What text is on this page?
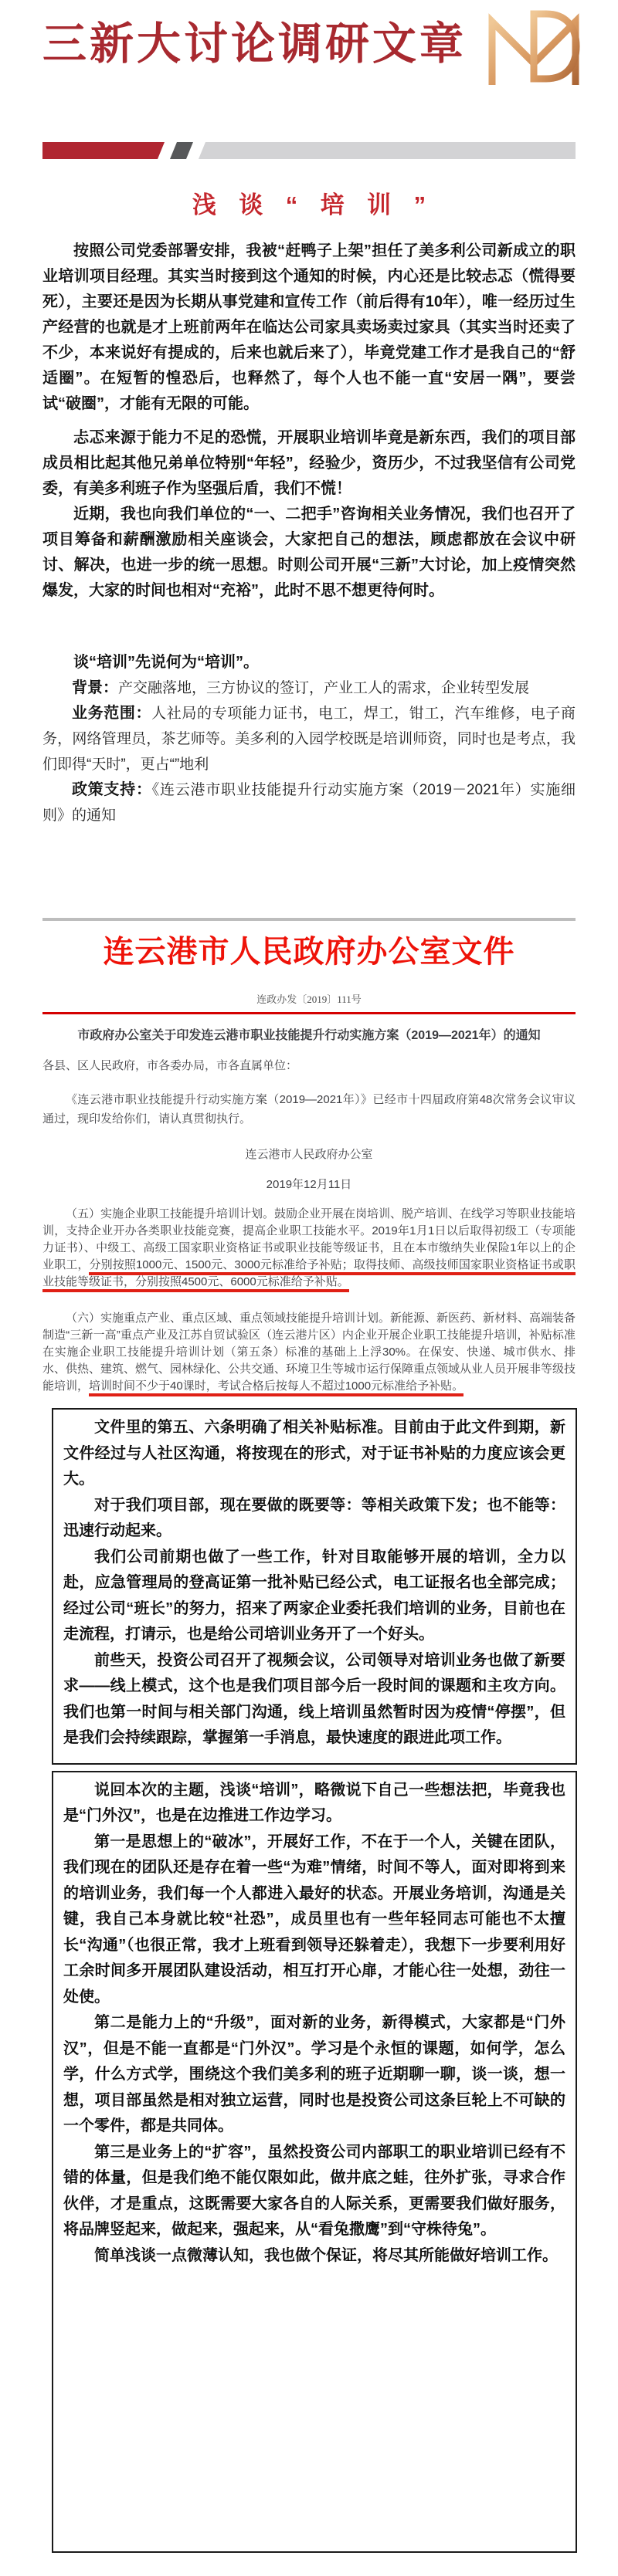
三新大讨论调研文章
浅谈“培训”

按照公司党委部署安排，我被“赶鸭子上架”担任了美多利公司新成立的职业培训项目经理。其实当时接到这个通知的时候，内心还是比较忐忑（慌得要死），主要还是因为长期从事党建和宣传工作（前后得有10年），唯一经历过生产经营的也就是才上班前两年在临达公司家具卖场卖过家具（其实当时还卖了不少，本来说好有提成的，后来也就后来了），毕竟党建工作才是我自己的“舒适圈”。在短暂的惶恐后，也释然了，每个人也不能一直“安居一隅”，要尝试“破圈”，才能有无限的可能。

忐忑来源于能力不足的恐慌，开展职业培训毕竟是新东西，我们的项目部成员相比起其他兄弟单位特别“年轻”，经验少，资历少，不过我坚信有公司党委，有美多利班子作为坚强后盾，我们不慌！

近期，我也向我们单位的“一、二把手”咨询相关业务情况，我们也召开了项目筹备和薪酬激励相关座谈会，大家把自己的想法，顾虑都放在会议中研讨、解决，也进一步的统一思想。时则公司开展“三新”大讨论，加上疫情突然爆发，大家的时间也相对“充裕”，此时不思不想更待何时。

谈“培训”先说何为“培训”。

背景：产交融落地，三方协议的签订，产业工人的需求，企业转型发展

业务范围：人社局的专项能力证书，电工，焊工，钳工，汽车维修，电子商务，网络管理员，茶艺师等。美多利的入园学校既是培训师资，同时也是考点，我们即得“天时”，更占“”地利

政策支持：《连云港市职业技能提升行动实施方案（2019－2021年）实施细则》的通知

连云港市人民政府办公室文件
连政办发〔2019〕111号
市政府办公室关于印发连云港市职业技能提升行动实施方案（2019—2021年）的通知
各县、区人民政府，市各委办局，市各直属单位：

《连云港市职业技能提升行动实施方案（2019—2021年）》已经市十四届政府第48次常务会议审议通过，现印发给你们，请认真贯彻执行。

连云港市人民政府办公室
2019年12月11日

（五）实施企业职工技能提升培训计划。鼓励企业开展在岗培训、脱产培训、在线学习等职业技能培训，支持企业开办各类职业技能竞赛，提高企业职工技能水平。2019年1月1日以后取得初级工（专项能力证书）、中级工、高级工国家职业资格证书或职业技能等级证书，且在本市缴纳失业保险1年以上的企业职工，分别按照1000元、1500元、3000元标准给予补贴；取得技师、高级技师国家职业资格证书或职业技能等级证书，分别按照4500元、6000元标准给予补贴。

（六）实施重点产业、重点区域、重点领域技能提升培训计划。新能源、新医药、新材料、高端装备制造“三新一高”重点产业及江苏自贸试验区（连云港片区）内企业开展企业职工技能提升培训，补贴标准在实施企业职工技能提升培训计划（第五条）标准的基础上上浮30%。在保安、快递、城市供水、排水、供热、建筑、燃气、园林绿化、公共交通、环境卫生等城市运行保障重点领域从业人员开展非等级技能培训，培训时间不少于40课时，考试合格后按每人不超过1000元标准给予补贴。

文件里的第五、六条明确了相关补贴标准。目前由于此文件到期，新文件经过与人社区沟通，将按现在的形式，对于证书补贴的力度应该会更大。

对于我们项目部，现在要做的既要等：等相关政策下发；也不能等：迅速行动起来。

我们公司前期也做了一些工作，针对目取能够开展的培训，全力以赴，应急管理局的登高证第一批补贴已经公式，电工证报名也全部完成；经过公司“班长”的努力，招来了两家企业委托我们培训的业务，目前也在走流程，打请示，也是给公司培训业务开了一个好头。

前些天，投资公司召开了视频会议，公司领导对培训业务也做了新要求——线上模式，这个也是我们项目部今后一段时间的课题和主攻方向。我们也第一时间与相关部门沟通，线上培训虽然暂时因为疫情“停摆”，但是我们会持续跟踪，掌握第一手消息，最快速度的跟进此项工作。

说回本次的主题，浅谈“培训”，略微说下自己一些想法把，毕竟我也是“门外汉”，也是在边推进工作边学习。

第一是思想上的“破冰”，开展好工作，不在于一个人，关键在团队，我们现在的团队还是存在着一些“为难”情绪，时间不等人，面对即将到来的培训业务，我们每一个人都进入最好的状态。开展业务培训，沟通是关键，我自己本身就比较“社恐”，成员里也有一些年轻同志可能也不太擅长“沟通”（也很正常，我才上班看到领导还躲着走），我想下一步要利用好工余时间多开展团队建设活动，相互打开心扉，才能心往一处想，劲往一处使。

第二是能力上的“升级”，面对新的业务，新得模式，大家都是“门外汉”，但是不能一直都是“门外汉”。学习是个永恒的课题，如何学，怎么学，什么方式学，围绕这个我们美多利的班子近期聊一聊，谈一谈，想一想，项目部虽然是相对独立运营，同时也是投资公司这条巨轮上不可缺的一个零件，都是共同体。

第三是业务上的“扩容”，虽然投资公司内部职工的职业培训已经有不错的体量，但是我们绝不能仅限如此，做井底之蛙，往外扩张，寻求合作伙伴，才是重点，这既需要大家各自的人际关系，更需要我们做好服务，将品牌竖起来，做起来，强起来，从“看兔撒鹰”到“守株待兔”。

简单浅谈一点微薄认知，我也做个保证，将尽其所能做好培训工作。
